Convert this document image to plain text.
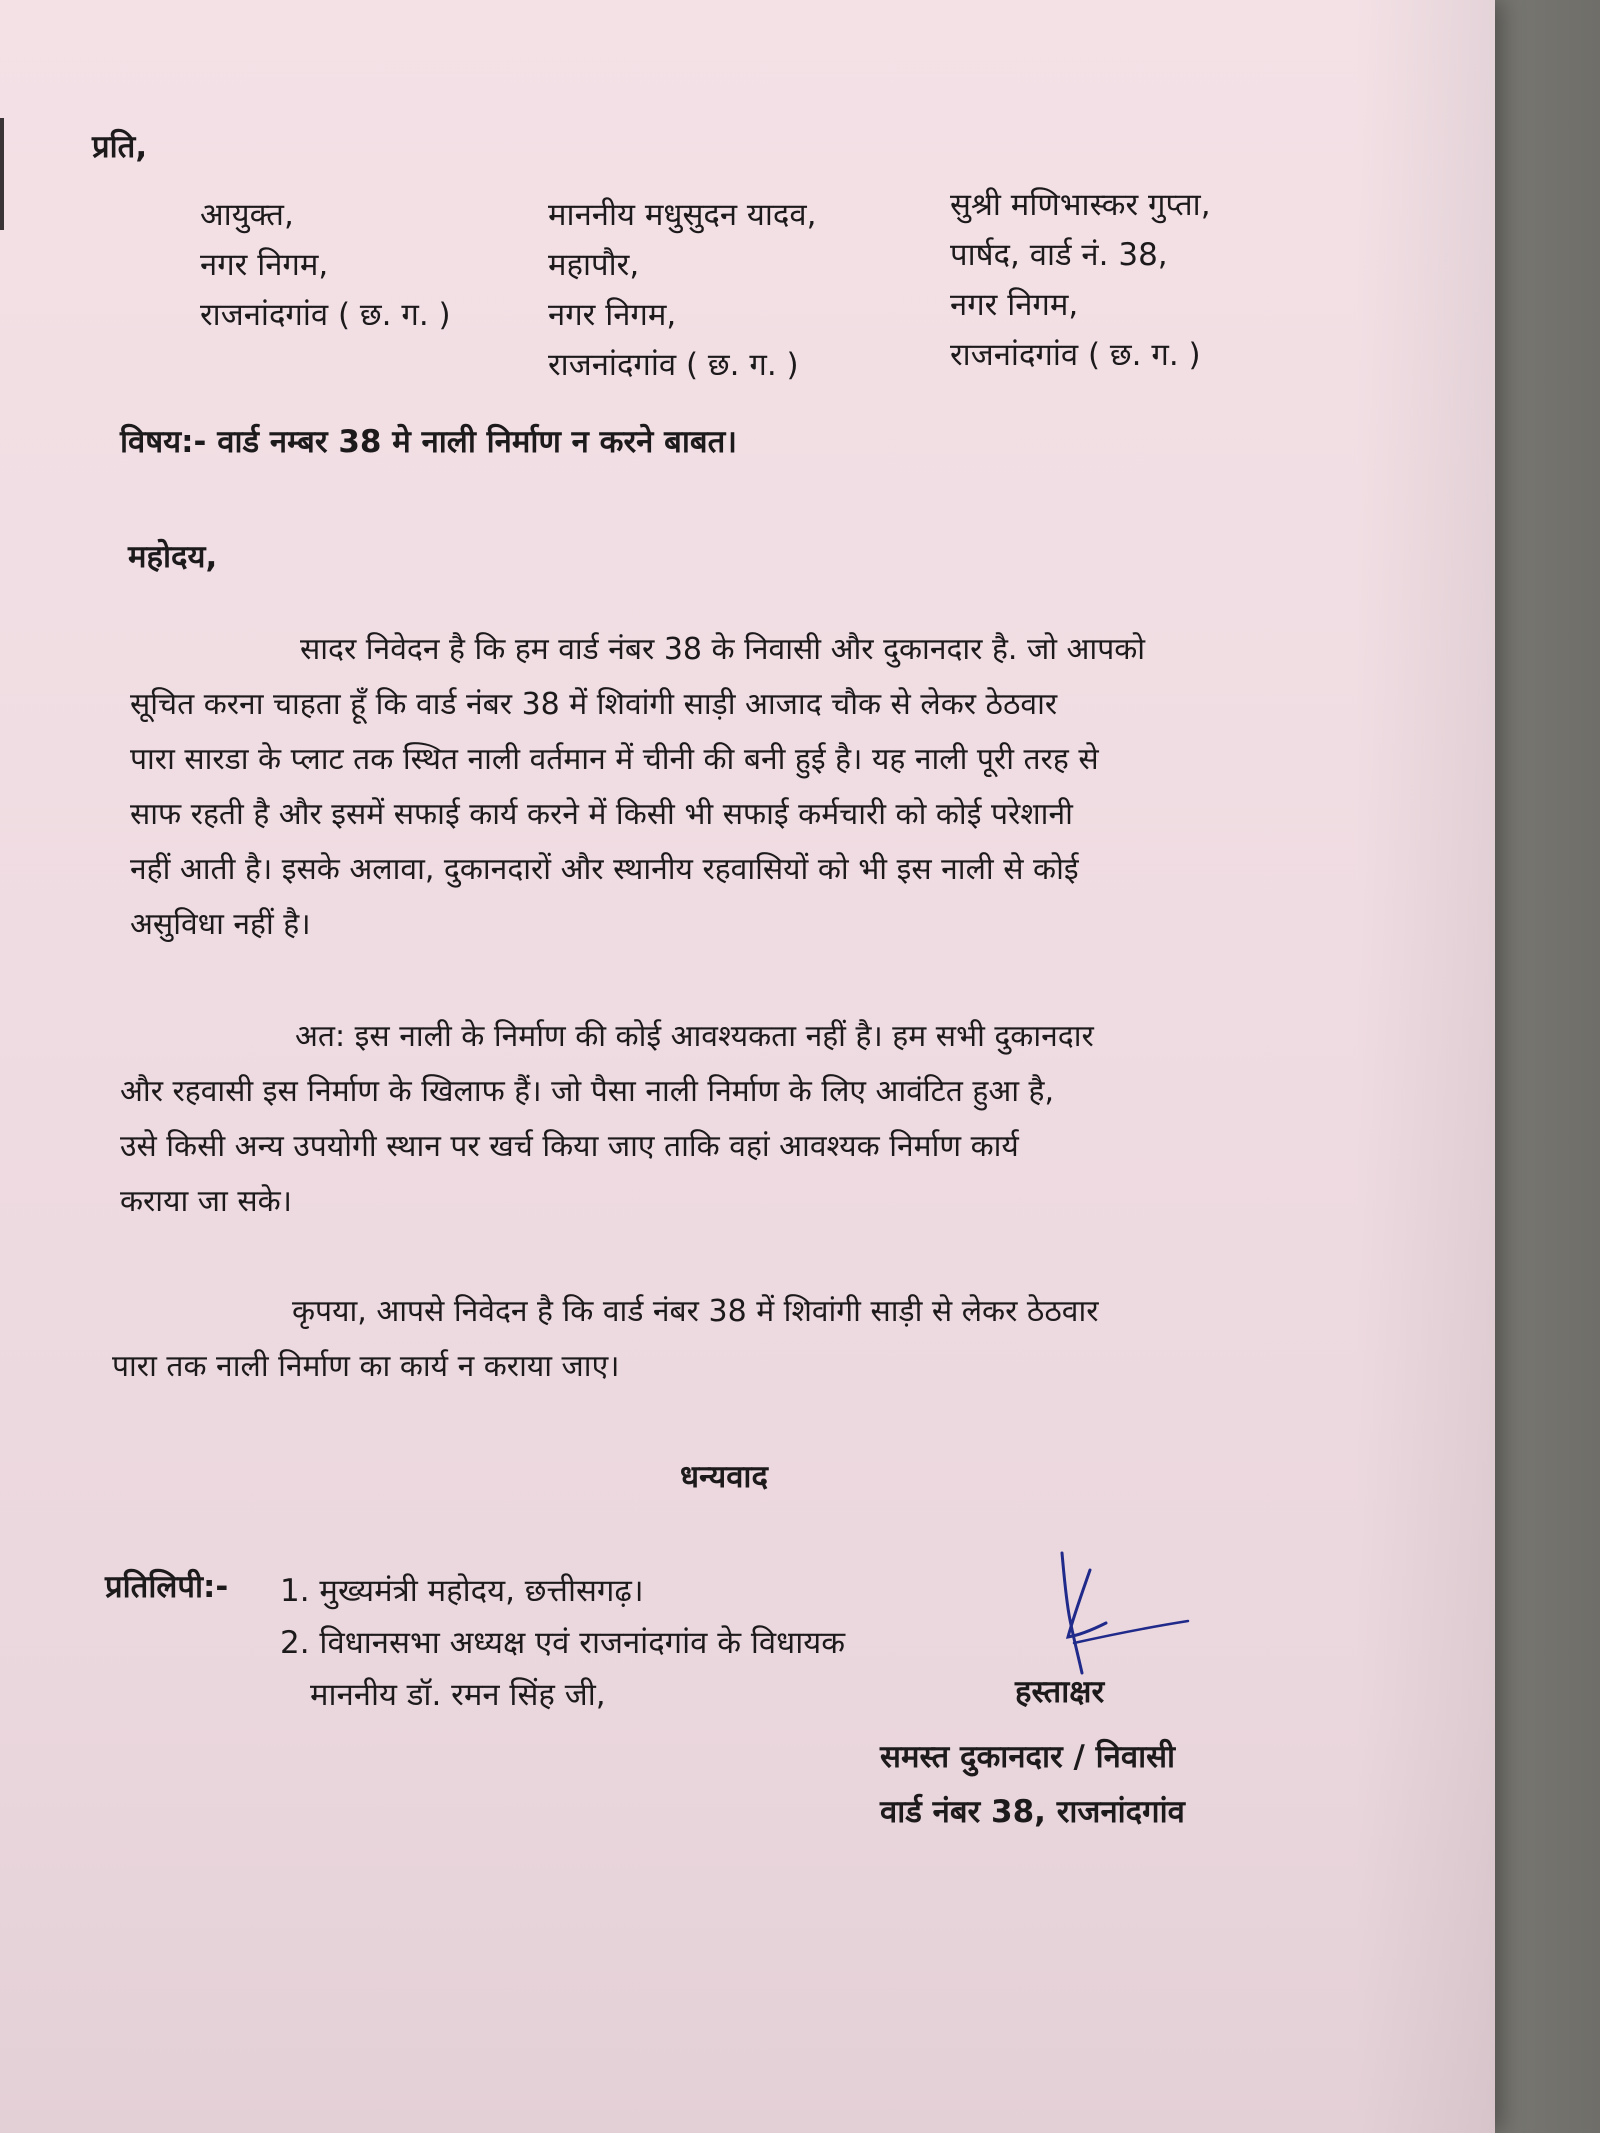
प्रति,

आयुक्त,
नगर निगम,
राजनांदगांव ( छ. ग. )
माननीय मधुसुदन यादव,
महापौर,
नगर निगम,
राजनांदगांव ( छ. ग. )
सुश्री मणिभास्कर गुप्ता,
पार्षद, वार्ड नं. 38,
नगर निगम,
राजनांदगांव ( छ. ग. )

विषय:- वार्ड नम्बर 38 मे नाली निर्माण न करने बाबत।

महोदय,

सादर निवेदन है कि हम वार्ड नंबर 38 के निवासी और दुकानदार है. जो आपको
सूचित करना चाहता हूँ कि वार्ड नंबर 38 में शिवांगी साड़ी आजाद चौक से लेकर ठेठवार
पारा सारडा के प्लाट तक स्थित नाली वर्तमान में चीनी की बनी हुई है। यह नाली पूरी तरह से
साफ रहती है और इसमें सफाई कार्य करने में किसी भी सफाई कर्मचारी को कोई परेशानी
नहीं आती है। इसके अलावा, दुकानदारों और स्थानीय रहवासियों को भी इस नाली से कोई
असुविधा नहीं है।
अत: इस नाली के निर्माण की कोई आवश्यकता नहीं है। हम सभी दुकानदार
और रहवासी इस निर्माण के खिलाफ हैं। जो पैसा नाली निर्माण के लिए आवंटित हुआ है,
उसे किसी अन्य उपयोगी स्थान पर खर्च किया जाए ताकि वहां आवश्यक निर्माण कार्य
कराया जा सके।
कृपया, आपसे निवेदन है कि वार्ड नंबर 38 में शिवांगी साड़ी से लेकर ठेठवार
पारा तक नाली निर्माण का कार्य न कराया जाए।

धन्यवाद

प्रतिलिपी:- 1. मुख्यमंत्री महोदय, छत्तीसगढ़।
2. विधानसभा अध्यक्ष एवं राजनांदगांव के विधायक
माननीय डॉ. रमन सिंह जी,	हस्ताक्षर

समस्त दुकानदार / निवासी
वार्ड नंबर 38, राजनांदगांव
